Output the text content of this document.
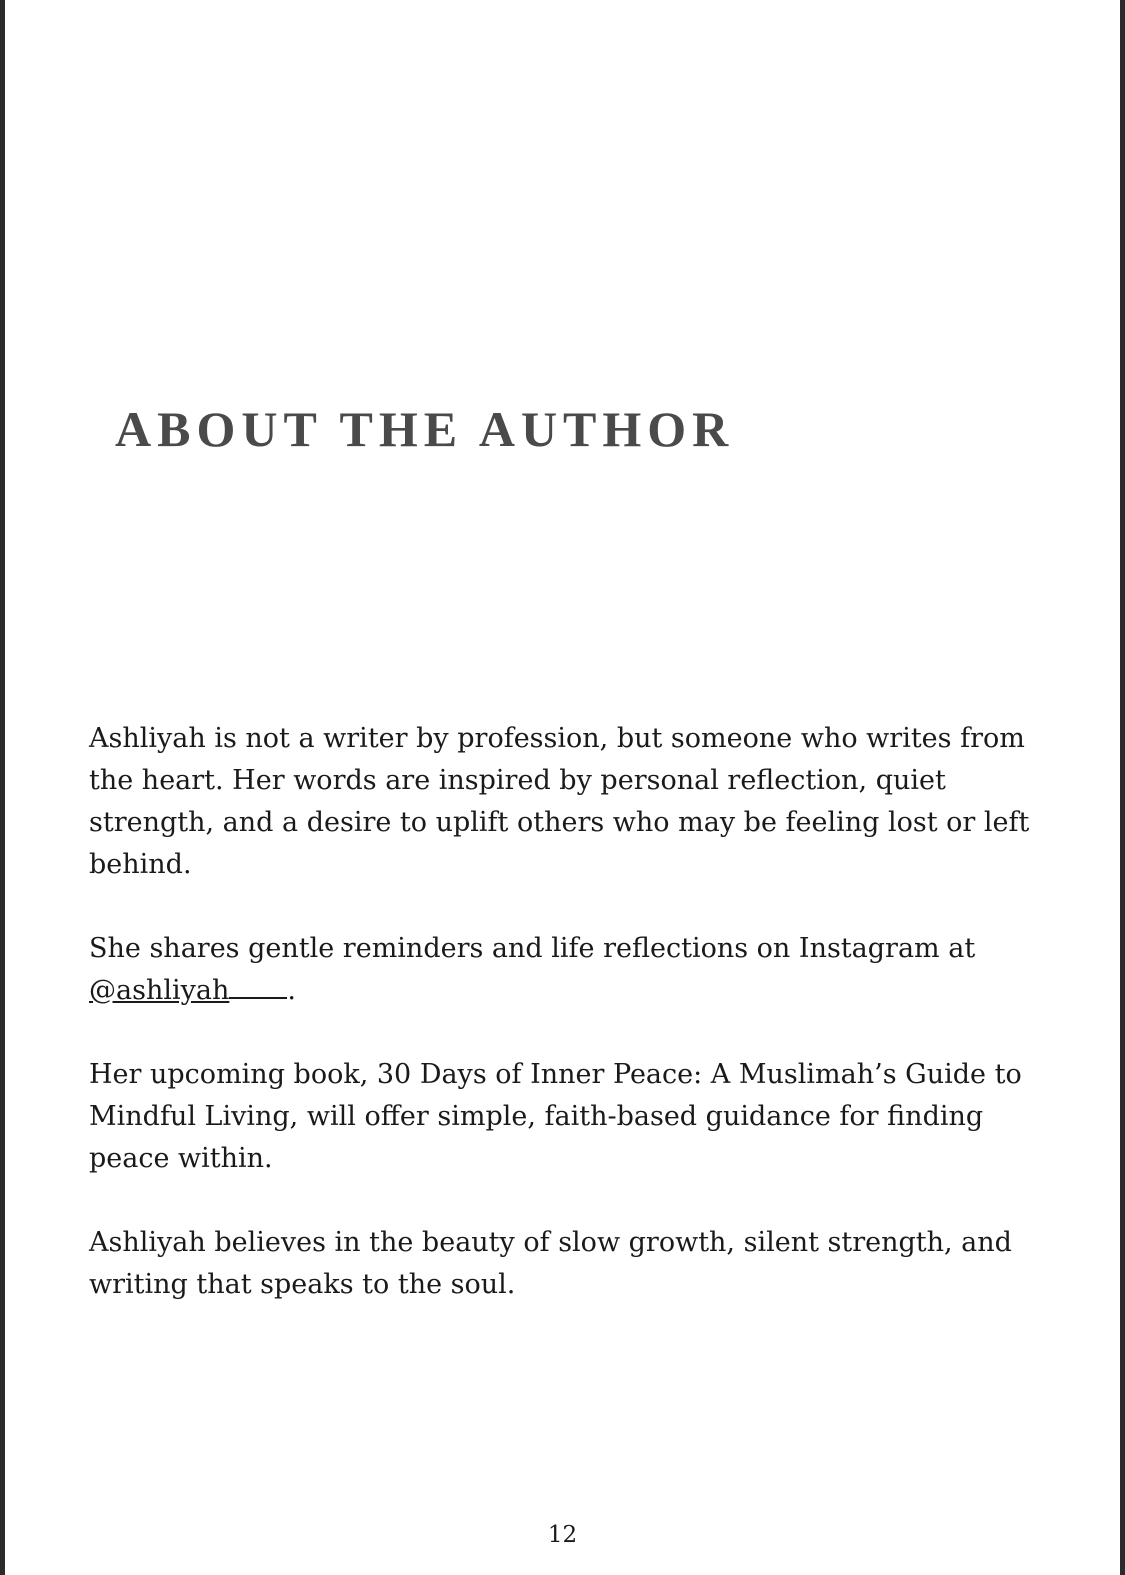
ABOUT THE AUTHOR

Ashliyah is not a writer by profession, but someone who writes from the heart. Her words are inspired by personal reflection, quiet strength, and a desire to uplift others who may be feeling lost or left behind.

She shares gentle reminders and life reflections on Instagram at
@ashliyah .

Her upcoming book, 30 Days of Inner Peace: A Muslimah’s Guide to Mindful Living, will offer simple, faith-based guidance for finding peace within.

Ashliyah believes in the beauty of slow growth, silent strength, and writing that speaks to the soul.

12
